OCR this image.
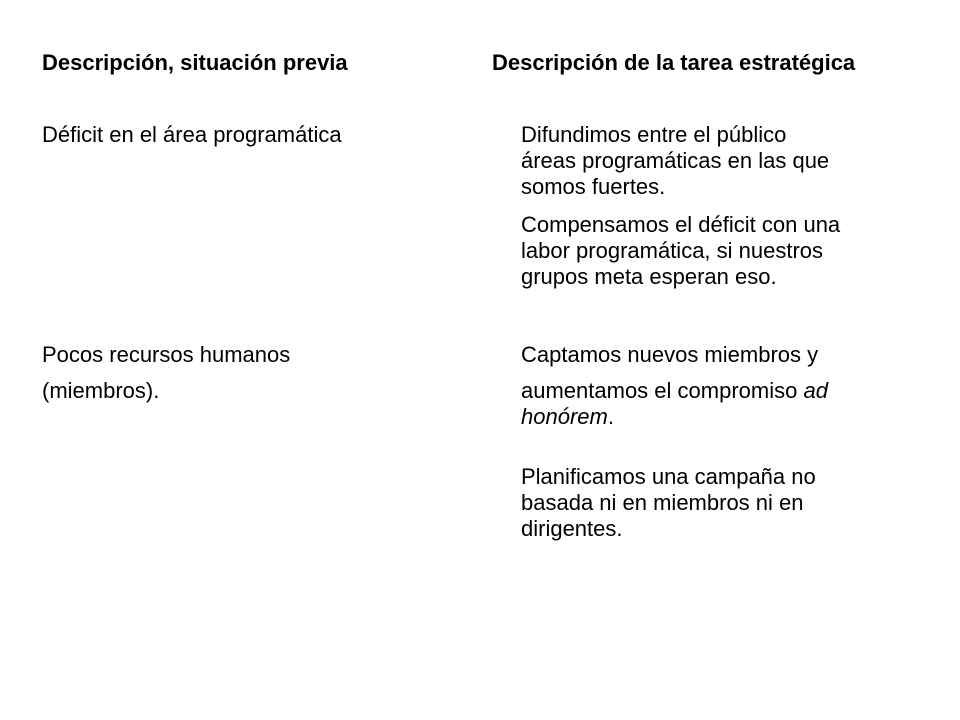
Descripción, situación previa	Descripción de la tarea estratégica
Déficit en el área programática	Difundimos entre el público
áreas programáticas en las que
somos fuertes.
Compensamos el déficit con una
labor programática, si nuestros
grupos meta esperan eso.
Pocos recursos humanos
(miembros).
Captamos nuevos miembros y
aumentamos el compromiso ad
honórem.
Planificamos una campaña no
basada ni en miembros ni en
dirigentes.
